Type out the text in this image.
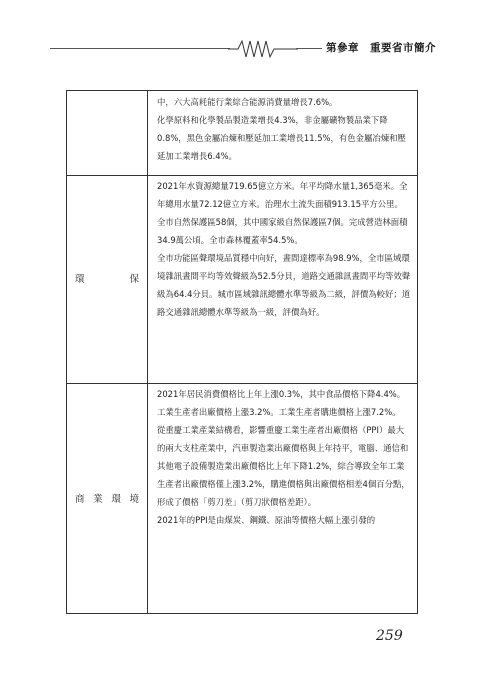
第參章　重要省市簡介

中，六大高耗能行業綜合能源消費量增長7.6%。

化學原料和化學製品製造業增長4.3%，非金屬礦物製品業下降0.8%，黑色金屬冶煉和壓延加工業增長11.5%，有色金屬冶煉和壓延加工業增長6.4%。

環	保

2021年水資源總量719.65億立方米。年平均降水量1,365毫米。全年總用水量72.12億立方米。治理水土流失面積913.15平方公里。

全市自然保護區58個，其中國家級自然保護區7個。完成營造林面積34.9萬公頃。全市森林覆蓋率54.5%。

全市功能區聲環境品質穩中向好，晝間達標率為98.9%，全市區域環境雜訊晝間平均等效聲級為52.5分貝，道路交通雜訊晝間平均等效聲級為64.4分貝。城市區域雜訊總體水準等級為二級，評價為較好；道路交通雜訊總體水準等級為一級，評價為好。

商 業 環 境

2021年居民消費價格比上年上漲0.3%，其中食品價格下降4.4%。工業生產者出廠價格上漲3.2%。工業生產者購進價格上漲7.2%。

從重慶工業產業結構看，影響重慶工業生產者出廠價格（PPI）最大的兩大支柱產業中，汽車製造業出廠價格與上年持平，電腦、通信和其他電子設備製造業出廠價格比上年下降1.2%，綜合導致全年工業生產者出廠價格僅上漲3.2%，購進價格與出廠價格相差4個百分點，形成了價格「剪刀差」（剪刀狀價格差距）。

2021年的PPI是由煤炭、鋼鐵、原油等價格大幅上漲引發的

259
